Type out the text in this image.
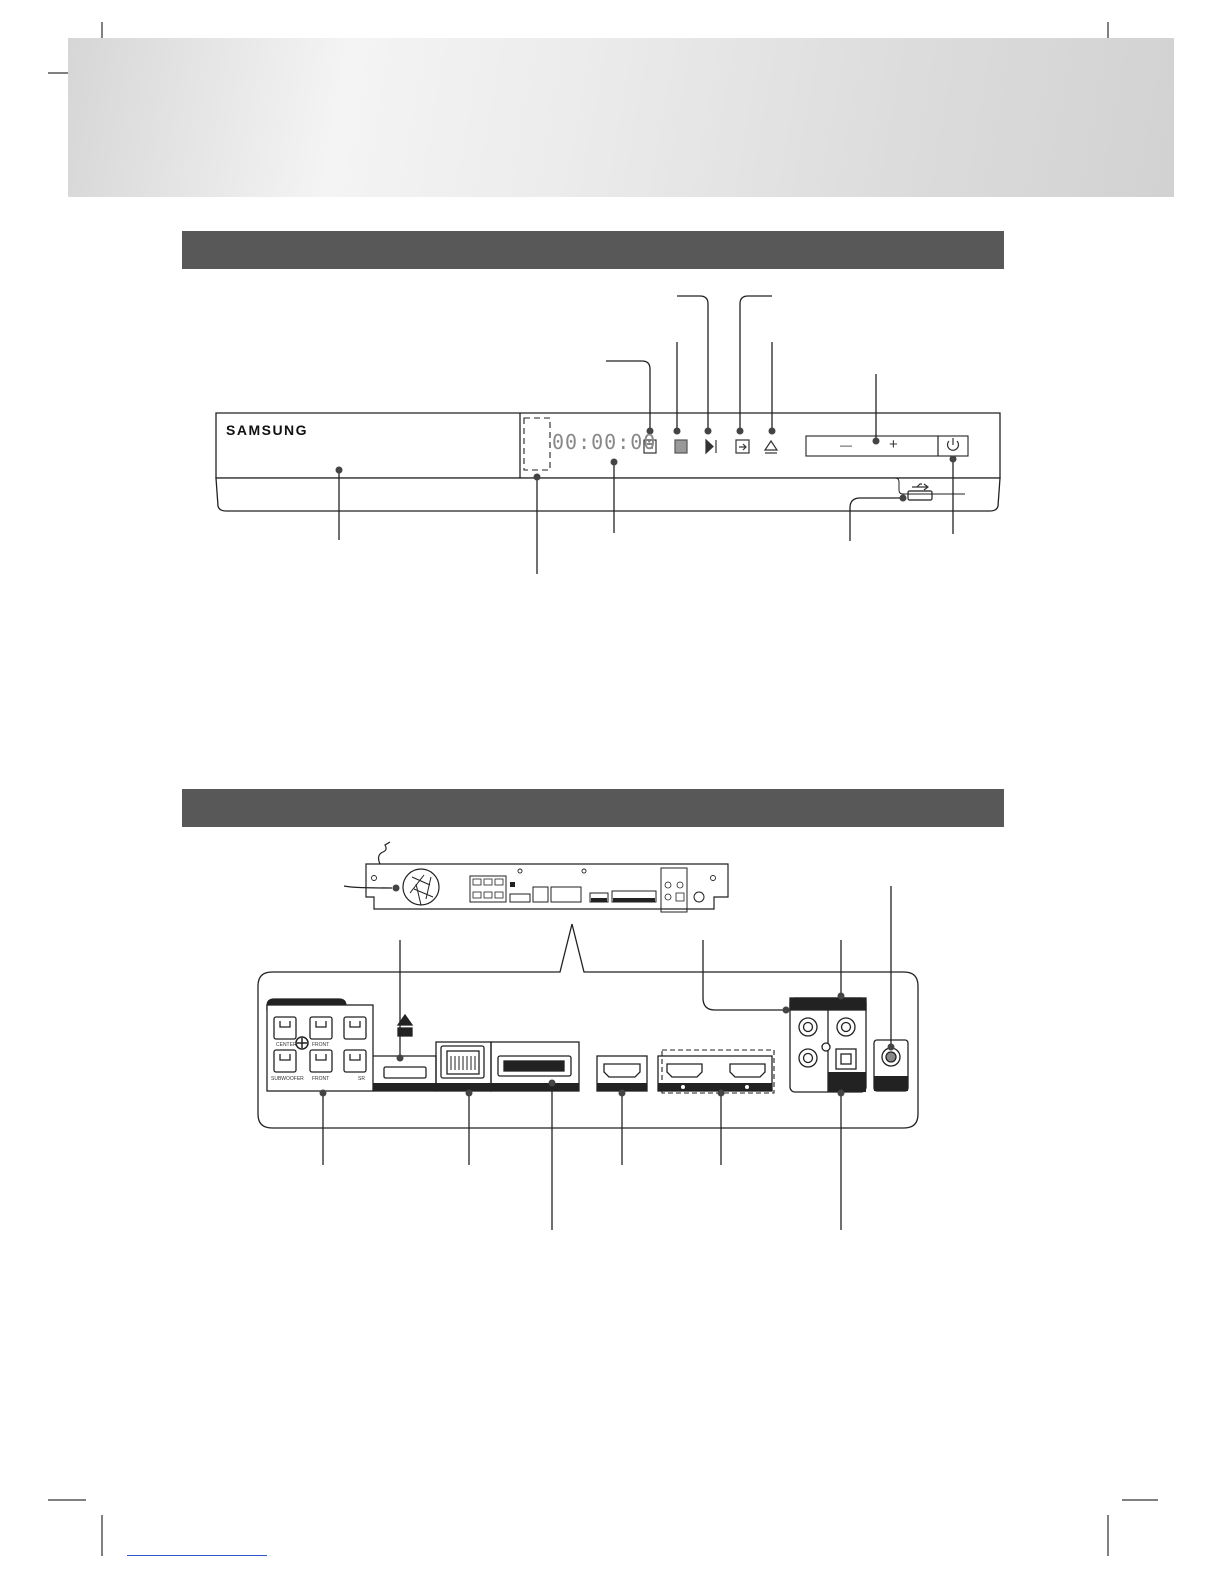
SAMSUNG	00:00:00	— +
CENTER	FRONT
SUBWOOFER FRONT	SR
